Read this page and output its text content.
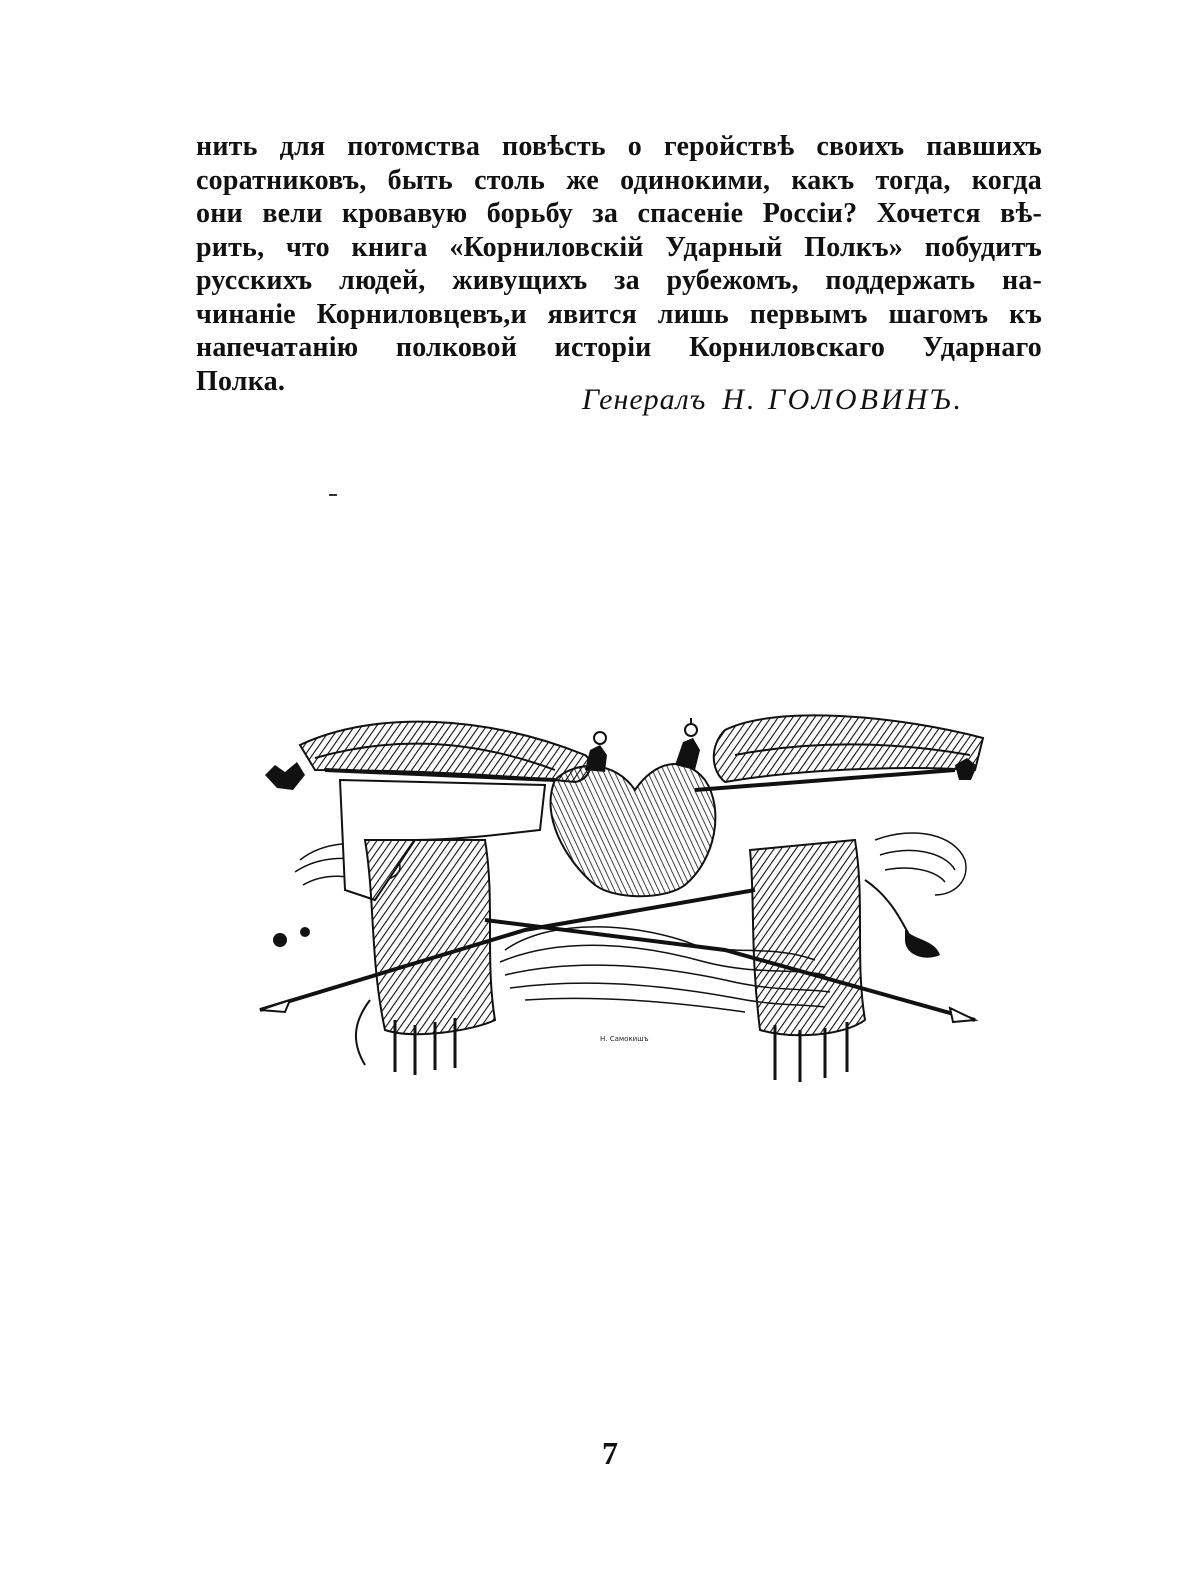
нить для потомства повѣсть о геройствѣ своихъ павшихъ
соратниковъ, быть столь же одинокими, какъ тогда, когда
они вели кровавую борьбу за спасеніе Россіи? Хочется вѣ-
рить, что книга «Корниловскій Ударный Полкъ» побудитъ
русскихъ людей, живущихъ за рубежомъ, поддержать на-
чинаніе Корниловцевъ,и явится лишь первымъ шагомъ къ
напечатанію полковой исторіи Корниловскаго Ударнаго
Полка.
Генералъ Н. ГОЛОВИНЪ.
Н. Самокишъ
7
